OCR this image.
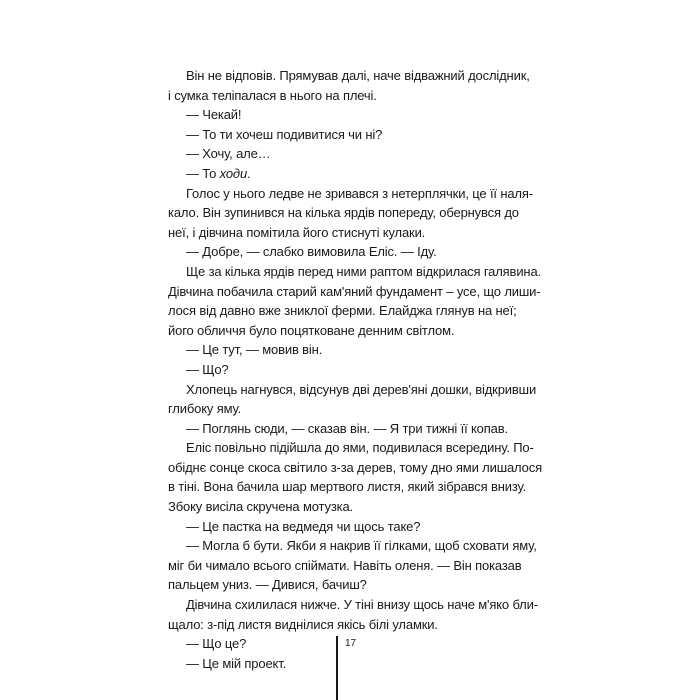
Він не відповів. Прямував далі, наче відважний дослідник,
і сумка теліпалася в нього на плечі.

— Чекай!

— То ти хочеш подивитися чи ні?

— Хочу, але…

— То ходи.

Голос у нього ледве не зривався з нетерплячки, це її наля-
кало. Він зупинився на кілька ярдів попереду, обернувся до
неї, і дівчина помітила його стиснуті кулаки.

— Добре, — слабко вимовила Еліс. — Іду.

Ще за кілька ярдів перед ними раптом відкрилася галявина.
Дівчина побачила старий кам'яний фундамент – усе, що лиши-
лося від давно вже зниклої ферми. Елайджа глянув на неї;
його обличчя було поцятковане денним світлом.

— Це тут, — мовив він.

— Що?

Хлопець нагнувся, відсунув дві дерев'яні дошки, відкривши
глибоку яму.

— Поглянь сюди, — сказав він. — Я три тижні її копав.

Еліс повільно підійшла до ями, подивилася всередину. По-
обіднє сонце скоса світило з-за дерев, тому дно ями лишалося
в тіні. Вона бачила шар мертвого листя, який зібрався внизу.
Збоку висіла скручена мотузка.

— Це пастка на ведмедя чи щось таке?

— Могла б бути. Якби я накрив її гілками, щоб сховати яму,
міг би чимало всього спіймати. Навіть оленя. — Він показав
пальцем униз. — Дивися, бачиш?

Дівчина схилилася нижче. У тіні внизу щось наче м'яко бли-
щало: з-під листя виднілися якісь білі уламки.

— Що це?

— Це мій проект.

17
